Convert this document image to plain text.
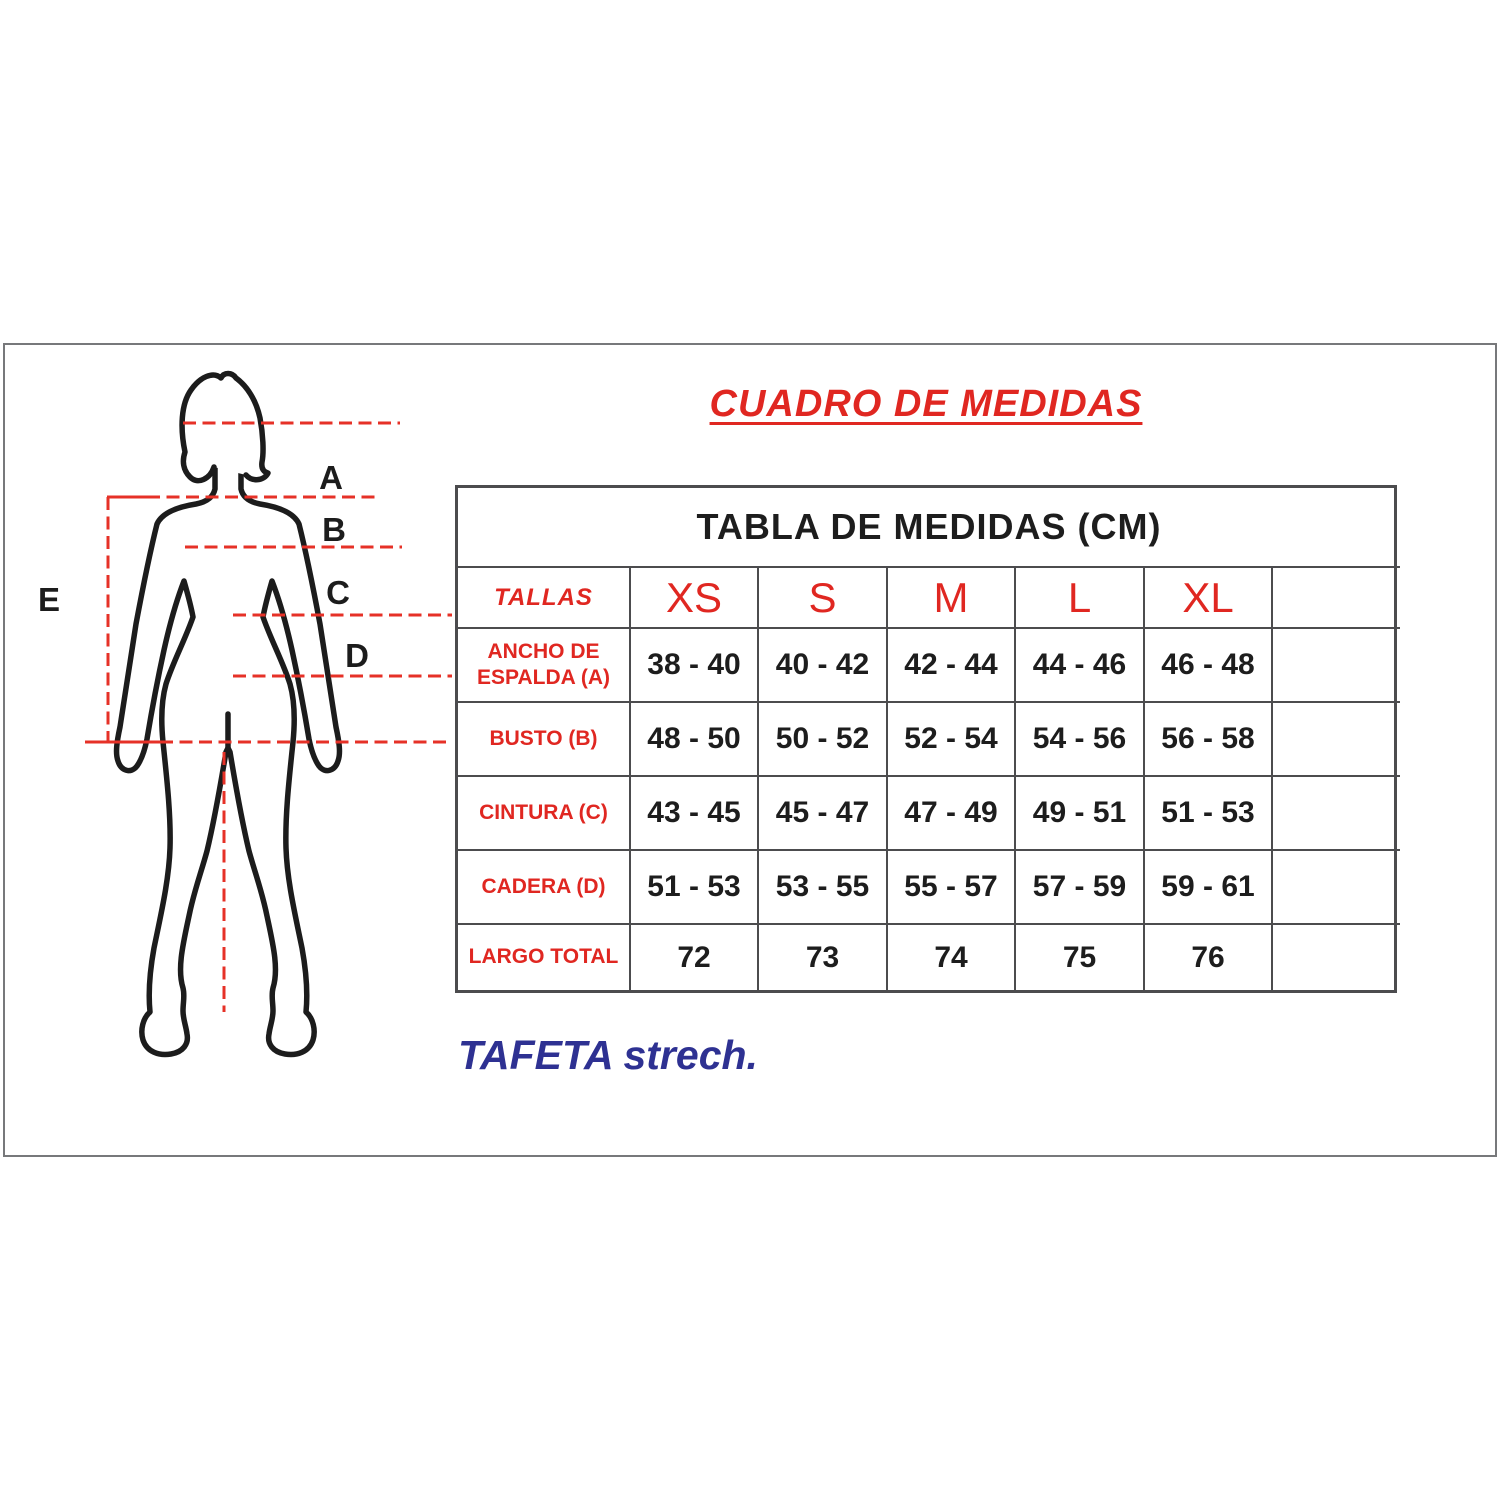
A
B
C
D
E
CUADRO DE MEDIDAS
TABLA DE MEDIDAS (CM)
TALLAS	XS	S	M	L	XL
ANCHO DE ESPALDA (A)	38 - 40	40 - 42	42 - 44	44 - 46	46 - 48
BUSTO (B)	48 - 50	50 - 52	52 - 54	54 - 56	56 - 58
CINTURA (C)	43 - 45	45 - 47	47 - 49	49 - 51	51 - 53
CADERA (D)	51 - 53	53 - 55	55 - 57	57 - 59	59 - 61
LARGO TOTAL	72	73	74	75	76
TAFETA strech.
